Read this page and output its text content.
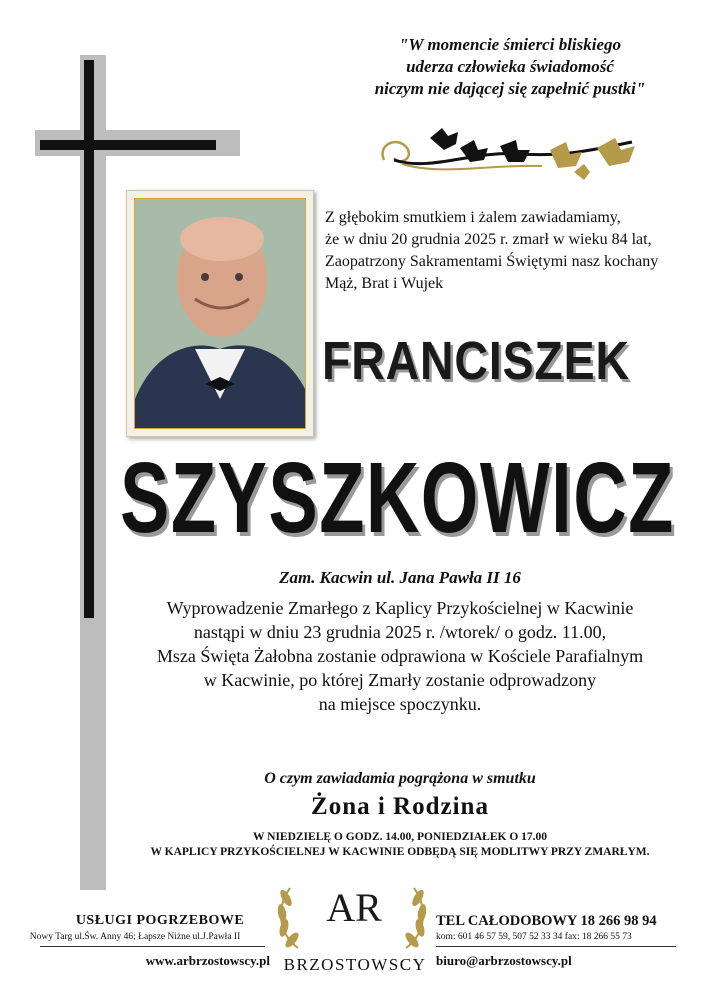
"W momencie śmierci bliskiego
uderza człowieka świadomość
niczym nie dającej się zapełnić pustki"
Z głębokim smutkiem i żalem zawiadamiamy,
że w dniu 20 grudnia 2025 r. zmarł w wieku 84 lat,
Zaopatrzony Sakramentami Świętymi nasz kochany
Mąż, Brat i Wujek
FRANCISZEK
SZYSZKOWICZ
Zam. Kacwin ul. Jana Pawła II 16
Wyprowadzenie Zmarłego z Kaplicy Przykościelnej w Kacwinie
nastąpi w dniu 23 grudnia 2025 r. /wtorek/ o godz. 11.00,
Msza Święta Żałobna zostanie odprawiona w Kościele Parafialnym
w Kacwinie, po której Zmarły zostanie odprowadzony
na miejsce spoczynku.
O czym zawiadamia pogrążona w smutku
Żona i Rodzina
W NIEDZIELĘ O GODZ. 14.00, PONIEDZIAŁEK O 17.00
W KAPLICY PRZYKOŚCIELNEJ W KACWINIE ODBĘDĄ SIĘ MODLITWY PRZY ZMARŁYM.
USŁUGI POGRZEBOWE
Nowy Targ ul.Św. Anny 46; Łapsze Niżne ul.J.Pawła II
www.arbrzostowscy.pl
AR
BRZOSTOWSCY
TEL CAŁODOBOWY 18 266 98 94
kom: 601 46 57 59, 507 52 33 34 fax: 18 266 55 73
biuro@arbrzostowscy.pl
